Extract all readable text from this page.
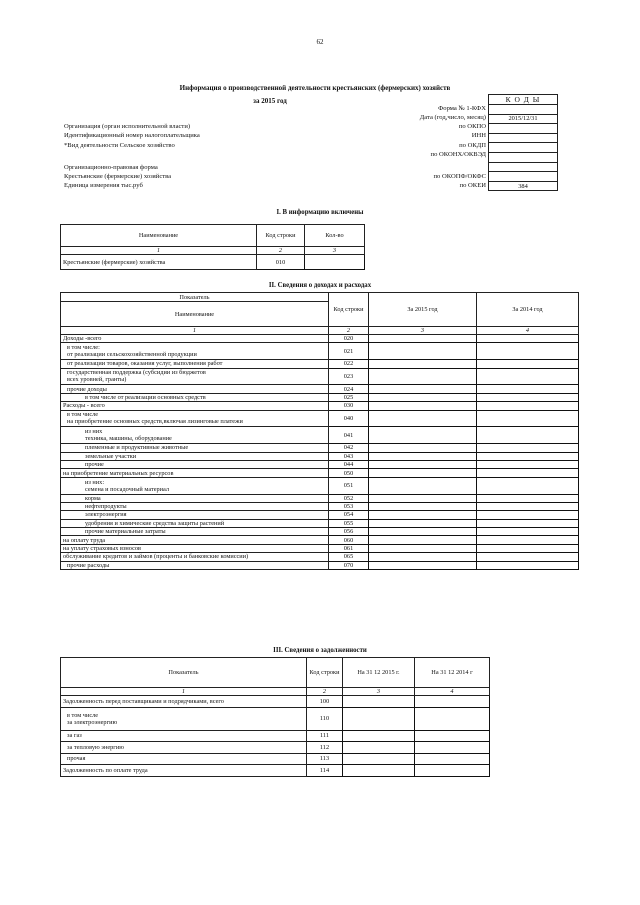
62
Информация о производственной деятельности крестьянских (фермерских) хозяйств
за 2015 год
Форма № 1-КФХ
Дата (год,число, месяц)
по ОКПО
ИНН
по ОКДП
по ОКОНХ/ОКВЭД
по ОКОПФ/ОКФС
по ОКЕИ
Организация (орган исполнительной власти)
Идентификационный номер налогоплательщика
*Вид деятельности Сельское хозяйство
Организационно-правовая форма
Крестьянские (фермерские) хозяйства
Единица измерения тыс.руб
К О Д Ы

2015/12/31

384
I. В информацию включены
Наименование	Код строки	Кол-во
1	2	3
Крестьянские (фермерские) хозяйства	010	
II. Сведения о доходах и расходах
Показатель	Код строки	За 2015 год	За 2014 год
Наименование			
1	2	3	4

Доходы -всего	020		

в том числе:
от реализации сельскохозяйственной продукции	021		

от реализации товаров, оказания услуг, выполнения работ	022		

государственная поддержка (субсидии из бюджетов
всех уровней, гранты)	023		

прочие доходы	024		

в том числе от реализации основных средств	025		

Расходы - всего	030		

в том числе
на приобретение основных средств,включая лизинговые платежи	040		

из них
техника, машины, оборудование	041		

племенные и продуктивные животные	042		

земельные участки	043		

прочие	044		

на приобретение материальных ресурсов	050		

из них:
семена и посадочный материал	051		

корма	052		

нефтепродукты	053		

электроэнергия	054		

удобрения и химические средства защиты растений	055		

прочие материальные затраты	056		

на оплату труда	060		

на уплату страховых взносов	061		

обслуживание кредитов и займов (проценты и банковские комиссии)	065		

прочие расходы	070		
III. Сведения о задолженности
Показатель	Код строки	На 31 12 2015 г.	На 31 12 2014 г
1	2	3	4

Задолженность перед поставщиками и подрядчиками, всего	100		

в том числе
за электроэнергию	110		

за газ	111		

за тепловую энергию	112		

прочая	113		

Задолженность по оплате труда	114		
